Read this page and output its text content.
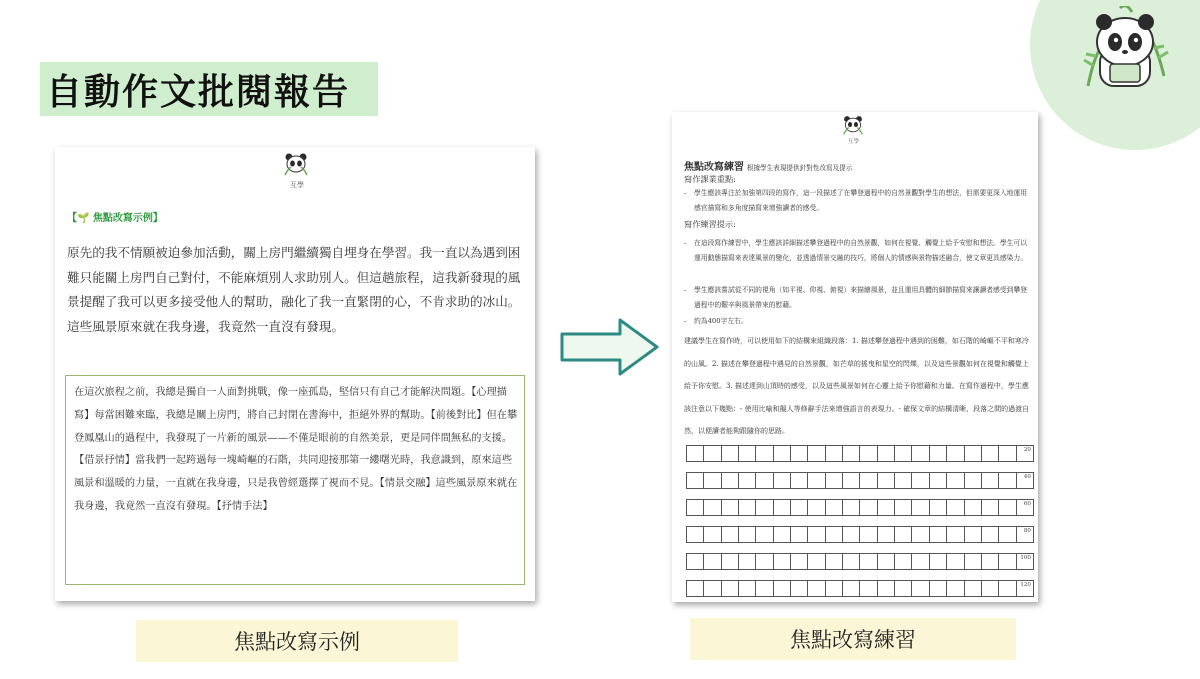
自動作文批閱報告
互學
【🌱 焦點改寫示例】
原先的我不情願被迫參加活動，關上房門繼續獨自埋身在學習。我一直以為遇到困難只能關上房門自己對付，不能麻煩別人求助別人。但這趟旅程，這我新發現的風景提醒了我可以更多接受他人的幫助，融化了我一直緊閉的心，不肯求助的冰山。這些風景原來就在我身邊，我竟然一直沒有發現。
在這次旅程之前，我總是獨自一人面對挑戰，像一座孤島，堅信只有自己才能解決問題。【心理描寫】每當困難來臨，我總是關上房門，將自己封閉在書海中，拒絕外界的幫助。【前後對比】但在攀登鳳凰山的過程中，我發現了一片新的風景——不僅是眼前的自然美景，更是同伴間無私的支援。【借景抒情】當我們一起跨過每一塊崎嶇的石階，共同迎接那第一縷曙光時，我意識到，原來這些風景和溫暖的力量，一直就在我身邊，只是我曾經選擇了視而不見。【情景交融】這些風景原來就在我身邊，我竟然一直沒有發現。【抒情手法】
互學
焦點改寫練習 根據學生表現提供針對性改寫及提示
寫作課業重點:
- 學生應該專注於加強第四段的寫作，這一段描述了在攀登過程中的自然景觀對學生的想法，但需要更深入地運用感官描寫和多角度描寫來增強讀者的感受。
寫作練習提示:
- 在這段寫作練習中，學生應該詳細描述攀登過程中的自然景觀，如何在視覺、觸覺上給予安慰和想法。學生可以運用動態描寫來表達風景的變化，並透過情景交融的技巧，將個人的情感與景物描述融合，使文章更具感染力。
- 學生應該嘗試從不同的視角（如平視、仰視、俯視）來描繪風景，並且運用具體的細節描寫來讓讀者感受到攀登過程中的艱辛與風景帶來的慰藉。
- 約為400字左右。
建議學生在寫作時，可以使用如下的結構來組織段落：1. 描述攀登過程中遇到的困難，如石階的崎嶇不平和寒冷的山風。2. 描述在攀登過程中遇見的自然景觀，如芒草的搖曳和星空的閃爍，以及這些景觀如何在視覺和觸覺上給予你安慰。3. 描述達到山頂時的感受，以及這些風景如何在心靈上給予你慰藉和力量。在寫作過程中，學生應該注意以下幾點：- 使用比喻和擬人等修辭手法來增強語言的表現力。- 確保文章的結構清晰，段落之間的過渡自然，以便讀者能夠跟隨你的思路。
20
40
60
80
100
120
焦點改寫示例	焦點改寫練習
